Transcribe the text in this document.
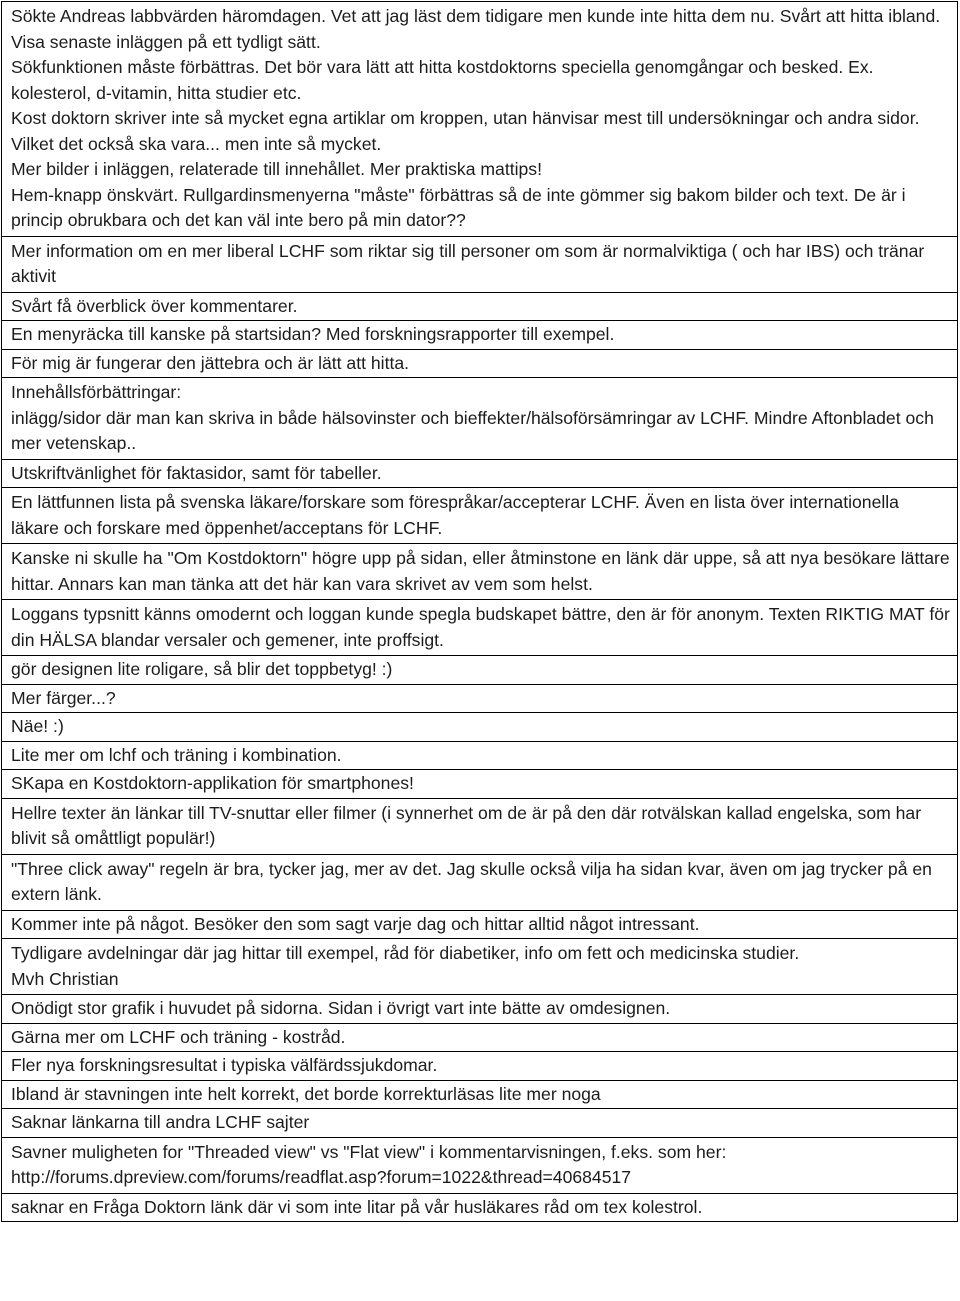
Sökte Andreas labbvärden häromdagen. Vet att jag läst dem tidigare men kunde inte hitta dem nu. Svårt att hitta ibland.
Visa senaste inläggen på ett tydligt sätt.
Sökfunktionen måste förbättras. Det bör vara lätt att hitta kostdoktorns speciella genomgångar och besked. Ex. kolesterol, d-vitamin, hitta studier etc.
Kost doktorn skriver inte så mycket egna artiklar om kroppen, utan hänvisar mest till undersökningar och andra sidor. Vilket det också ska vara... men inte så mycket.
Mer bilder i inläggen, relaterade till innehållet. Mer praktiska mattips!
Hem-knapp önskvärt. Rullgardinsmenyerna "måste" förbättras så de inte gömmer sig bakom bilder och text. De är i princip obrukbara och det kan väl inte bero på min dator??
Mer information om en mer liberal LCHF som riktar sig till personer om som är normalviktiga ( och har IBS) och tränar aktivit
Svårt få överblick över kommentarer.
En menyräcka till kanske på startsidan? Med forskningsrapporter till exempel.
För mig är fungerar den jättebra och är lätt att hitta.
Innehållsförbättringar:
inlägg/sidor där man kan skriva in både hälsovinster och bieffekter/hälsoförsämringar av LCHF. Mindre Aftonbladet och mer vetenskap..
Utskriftvänlighet för faktasidor, samt för tabeller.
En lättfunnen lista på svenska läkare/forskare som förespråkar/accepterar LCHF. Även en lista över internationella läkare och forskare med öppenhet/acceptans för LCHF.
Kanske ni skulle ha "Om Kostdoktorn" högre upp på sidan, eller åtminstone en länk där uppe, så att nya besökare lättare hittar. Annars kan man tänka att det här kan vara skrivet av vem som helst.
Loggans typsnitt känns omodernt och loggan kunde spegla budskapet bättre, den är för anonym. Texten RIKTIG MAT för din HÄLSA blandar versaler och gemener, inte proffsigt.
gör designen lite roligare, så blir det toppbetyg! :)
Mer färger...?
Näe! :)
Lite mer om lchf och träning i kombination.
SKapa en Kostdoktorn-applikation för smartphones!
Hellre texter än länkar till TV-snuttar eller filmer (i synnerhet om de är på den där rotvälskan kallad engelska, som har blivit så omåttligt populär!)
"Three click away" regeln är bra, tycker jag, mer av det. Jag skulle också vilja ha sidan kvar, även om jag trycker på en extern länk.
Kommer inte på något. Besöker den som sagt varje dag och hittar alltid något intressant.
Tydligare avdelningar där jag hittar till exempel, råd för diabetiker, info om fett och medicinska studier.
Mvh Christian
Onödigt stor grafik i huvudet på sidorna. Sidan i övrigt vart inte bätte av omdesignen.
Gärna mer om LCHF och träning - kostråd.
Fler nya forskningsresultat i typiska välfärdssjukdomar.
Ibland är stavningen inte helt korrekt, det borde korrekturläsas lite mer noga
Saknar länkarna till andra LCHF sajter
Savner muligheten for "Threaded view" vs "Flat view" i kommentarvisningen, f.eks. som her:
http://forums.dpreview.com/forums/readflat.asp?forum=1022&thread=40684517
saknar en Fråga Doktorn länk där vi som inte litar på vår husläkares råd om tex kolestrol.
